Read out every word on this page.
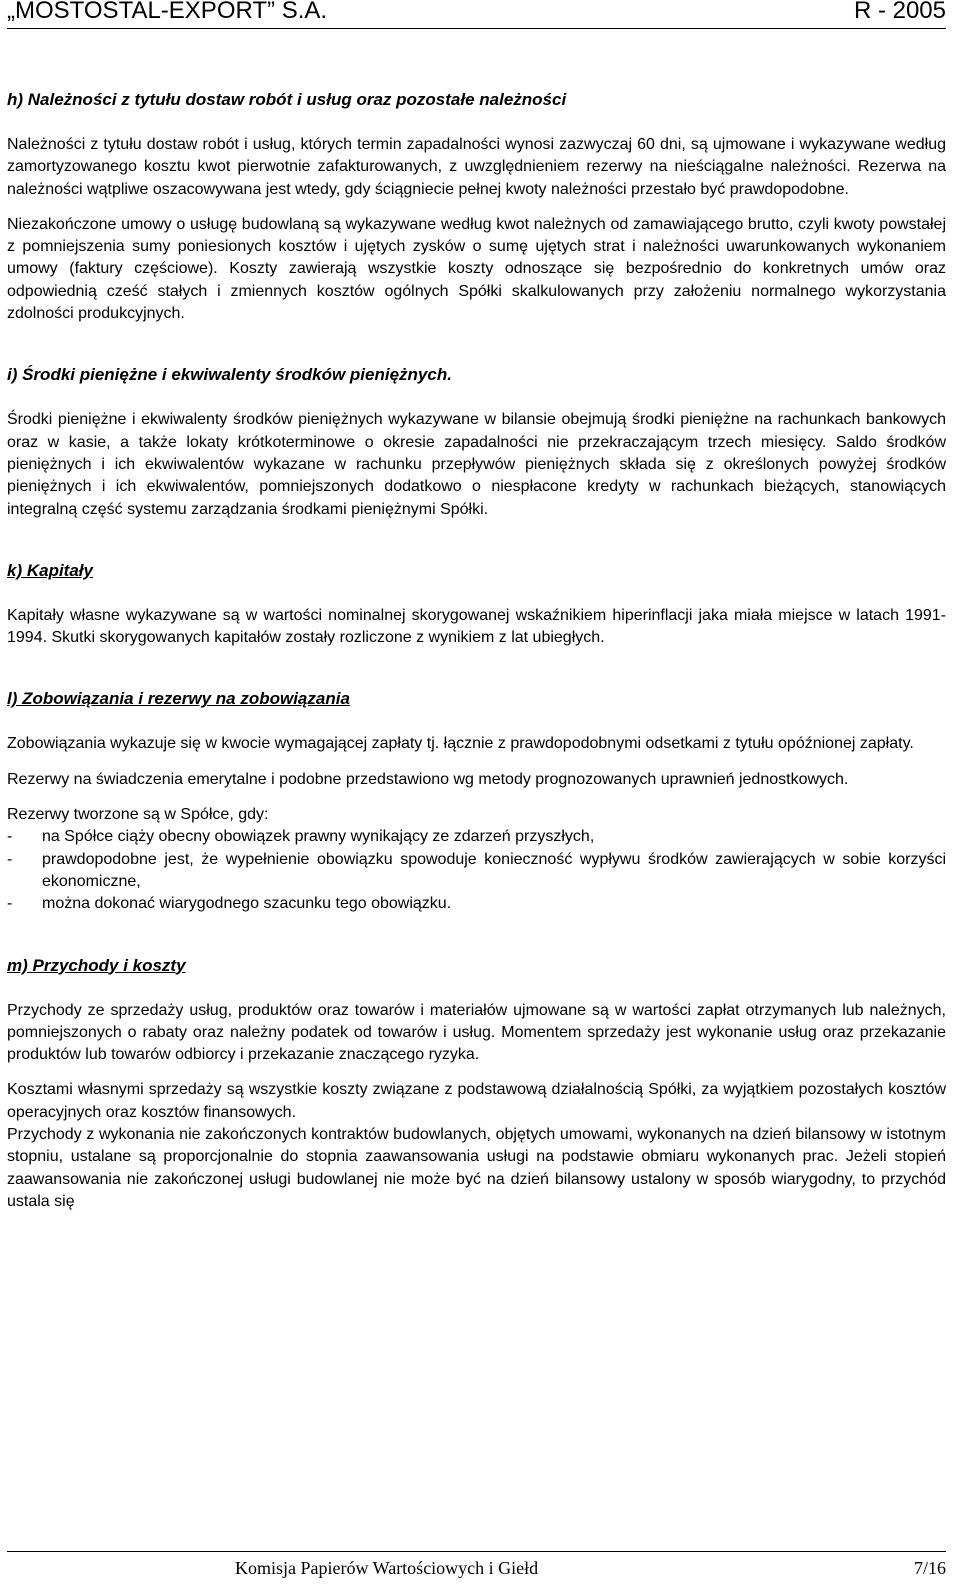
„MOSTOSTAL-EXPORT” S.A.	R - 2005
h) Należności z tytułu dostaw robót i usług oraz pozostałe należności

Należności z tytułu dostaw robót i usług, których termin zapadalności wynosi zazwyczaj 60 dni, są ujmowane i wykazywane według zamortyzowanego kosztu kwot pierwotnie zafakturowanych, z uwzględnieniem rezerwy na nieściągalne należności. Rezerwa na należności wątpliwe oszacowywana jest wtedy, gdy ściągniecie pełnej kwoty należności przestało być prawdopodobne.

Niezakończone umowy o usługę budowlaną są wykazywane według kwot należnych od zamawiającego brutto, czyli kwoty powstałej z pomniejszenia sumy poniesionych kosztów i ujętych zysków o sumę ujętych strat i należności uwarunkowanych wykonaniem umowy (faktury częściowe). Koszty zawierają wszystkie koszty odnoszące się bezpośrednio do konkretnych umów oraz odpowiednią cześć stałych i zmiennych kosztów ogólnych Spółki skalkulowanych przy założeniu normalnego wykorzystania zdolności produkcyjnych.

i) Środki pieniężne i ekwiwalenty środków pieniężnych.

Środki pieniężne i ekwiwalenty środków pieniężnych wykazywane w bilansie obejmują środki pieniężne na rachunkach bankowych oraz w kasie, a także lokaty krótkoterminowe o okresie zapadalności nie przekraczającym trzech miesięcy. Saldo środków pieniężnych i ich ekwiwalentów wykazane w rachunku przepływów pieniężnych składa się z określonych powyżej środków pieniężnych i ich ekwiwalentów, pomniejszonych dodatkowo o niespłacone kredyty w rachunkach bieżących, stanowiących integralną część systemu zarządzania środkami pieniężnymi Spółki.

k) Kapitały

Kapitały własne wykazywane są w wartości nominalnej skorygowanej wskaźnikiem hiperinflacji jaka miała miejsce w latach 1991-1994. Skutki skorygowanych kapitałów zostały rozliczone z wynikiem z lat ubiegłych.

l) Zobowiązania i rezerwy na zobowiązania

Zobowiązania wykazuje się w kwocie wymagającej zapłaty tj. łącznie z prawdopodobnymi odsetkami z tytułu opóźnionej zapłaty.

Rezerwy na świadczenia emerytalne i podobne przedstawiono wg metody prognozowanych uprawnień jednostkowych.

Rezerwy tworzone są w Spółce, gdy:

- na Spółce ciąży obecny obowiązek prawny wynikający ze zdarzeń przyszłych,
- prawdopodobne jest, że wypełnienie obowiązku spowoduje konieczność wypływu środków zawierających w sobie korzyści ekonomiczne,
- można dokonać wiarygodnego szacunku tego obowiązku.
m) Przychody i koszty

Przychody ze sprzedaży usług, produktów oraz towarów i materiałów ujmowane są w wartości zapłat otrzymanych lub należnych, pomniejszonych o rabaty oraz należny podatek od towarów i usług. Momentem sprzedaży jest wykonanie usług oraz przekazanie produktów lub towarów odbiorcy i przekazanie znaczącego ryzyka.

Kosztami własnymi sprzedaży są wszystkie koszty związane z podstawową działalnością Spółki, za wyjątkiem pozostałych kosztów operacyjnych oraz kosztów finansowych.

Przychody z wykonania nie zakończonych kontraktów budowlanych, objętych umowami, wykonanych na dzień bilansowy w istotnym stopniu, ustalane są proporcjonalnie do stopnia zaawansowania usługi na podstawie obmiaru wykonanych prac. Jeżeli stopień zaawansowania nie zakończonej usługi budowlanej nie może być na dzień bilansowy ustalony w sposób wiarygodny, to przychód ustala się

Komisja Papierów Wartościowych i Giełd	7/16
